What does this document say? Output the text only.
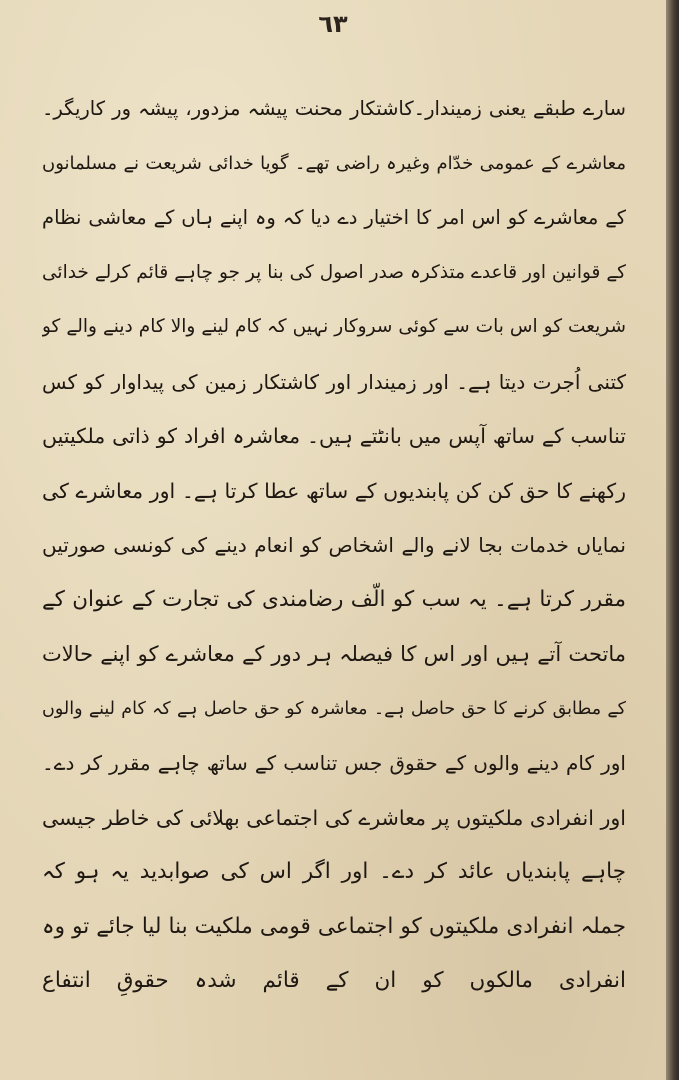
٦٣
سارے طبقے یعنی زمیندار۔کاشتکار محنت پیشہ مزدور، پیشہ ور کاریگر۔
معاشرے کے عمومی خدّام وغیرہ راضی تھے۔ گویا خدائی شریعت نے مسلمانوں
کے معاشرے کو اس امر کا اختیار دے دیا کہ وہ اپنے ہاں کے معاشی نظام
کے قوانین اور قاعدے متذکرہ صدر اصول کی بنا پر جو چاہے قائم کرلے خدائی
شریعت کو اس بات سے کوئی سروکار نہیں کہ کام لینے والا کام دینے والے کو
کتنی اُجرت دیتا ہے۔ اور زمیندار اور کاشتکار زمین کی پیداوار کو کس
تناسب کے ساتھ آپس میں بانٹتے ہیں۔ معاشرہ افراد کو ذاتی ملکیتیں
رکھنے کا حق کن کن پابندیوں کے ساتھ عطا کرتا ہے۔ اور معاشرے کی
نمایاں خدمات بجا لانے والے اشخاص کو انعام دینے کی کونسی صورتیں
مقرر کرتا ہے۔ یہ سب کو الّف رضامندی کی تجارت کے عنوان کے
ماتحت آتے ہیں اور اس کا فیصلہ ہر دور کے معاشرے کو اپنے حالات
کے مطابق کرنے کا حق حاصل ہے۔ معاشرہ کو حق حاصل ہے کہ کام لینے والوں
اور کام دینے والوں کے حقوق جس تناسب کے ساتھ چاہے مقرر کر دے۔
اور انفرادی ملکیتوں پر معاشرے کی اجتماعی بھلائی کی خاطر جیسی
چاہے پابندیاں عائد کر دے۔ اور اگر اس کی صوابدید یہ ہو کہ
جملہ انفرادی ملکیتوں کو اجتماعی قومی ملکیت بنا لیا جائے تو وہ
انفرادی مالکوں کو ان کے قائم شدہ حقوقِ انتفاع
